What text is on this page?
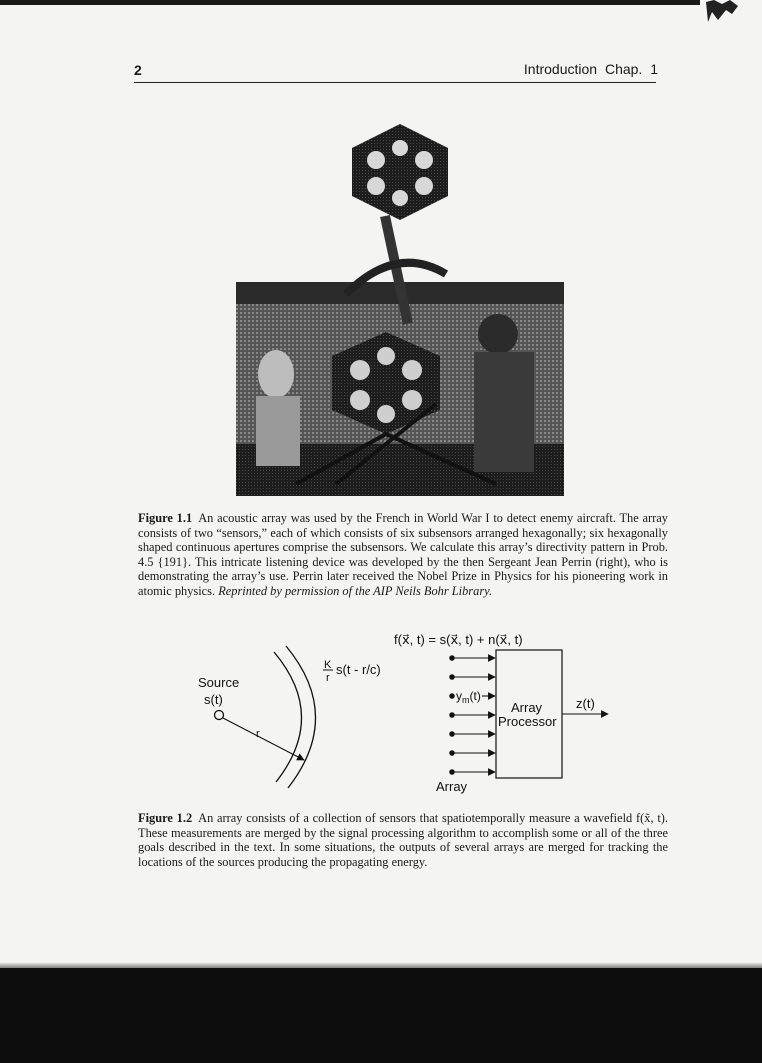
2	Introduction Chap. 1
Figure 1.1 An acoustic array was used by the French in World War I to detect enemy aircraft. The array consists of two “sensors,” each of which consists of six subsensors arranged hexagonally; six hexagonally shaped continuous apertures comprise the subsensors. We calculate this array’s directivity pattern in Prob. 4.5 {191}. This intricate listening device was developed by the then Sergeant Jean Perrin (right), who is demonstrating the array’s use. Perrin later received the Nobel Prize in Physics for his pioneering work in atomic physics. Reprinted by permission of the AIP Neils Bohr Library.
f(x⃗, t) = s(x⃗, t) + n(x⃗, t)
K
r
s(t - r/c)
Source
s(t)
r
Array
Processor
$y_m(t)$	z(t)
Array
Figure 1.2 An array consists of a collection of sensors that spatiotemporally measure a wavefield f(x̃, t). These measurements are merged by the signal processing algorithm to accomplish some or all of the three goals described in the text. In some situations, the outputs of several arrays are merged for tracking the locations of the sources producing the propagating energy.
